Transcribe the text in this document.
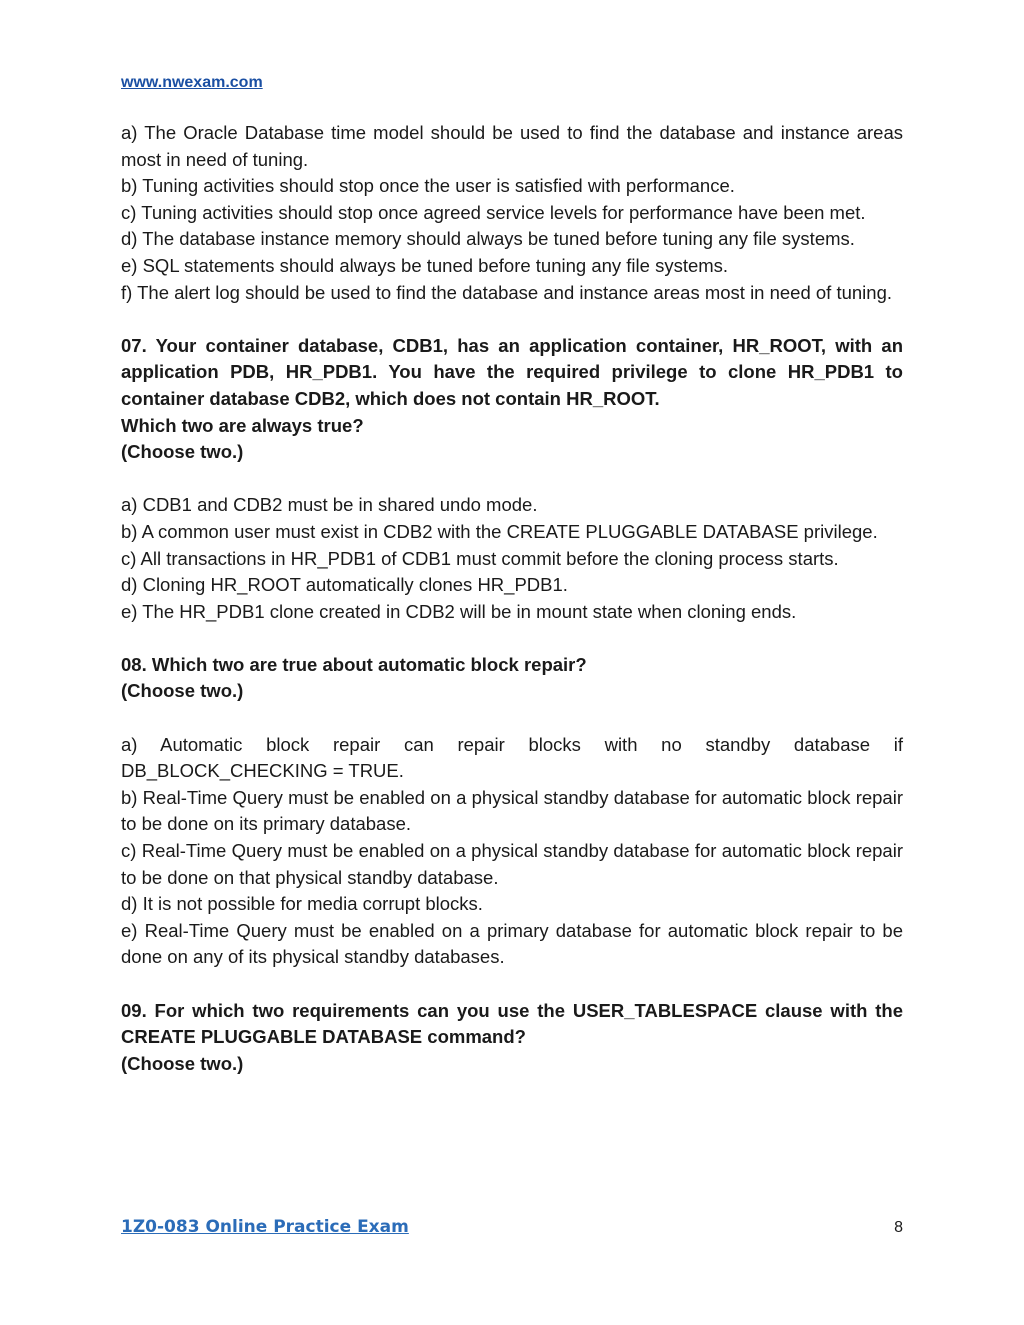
www.nwexam.com

a) The Oracle Database time model should be used to find the database and instance areas most in need of tuning.

b) Tuning activities should stop once the user is satisfied with performance.

c) Tuning activities should stop once agreed service levels for performance have been met.

d) The database instance memory should always be tuned before tuning any file systems.

e) SQL statements should always be tuned before tuning any file systems.

f) The alert log should be used to find the database and instance areas most in need of tuning.

07. Your container database, CDB1, has an application container, HR_ROOT, with an application PDB, HR_PDB1. You have the required privilege to clone HR_PDB1 to container database CDB2, which does not contain HR_ROOT.

Which two are always true?

(Choose two.)

a) CDB1 and CDB2 must be in shared undo mode.

b) A common user must exist in CDB2 with the CREATE PLUGGABLE DATABASE privilege.

c) All transactions in HR_PDB1 of CDB1 must commit before the cloning process starts.

d) Cloning HR_ROOT automatically clones HR_PDB1.

e) The HR_PDB1 clone created in CDB2 will be in mount state when cloning ends.

08. Which two are true about automatic block repair?

(Choose two.)

a) Automatic block repair can repair blocks with no standby database if DB_BLOCK_CHECKING = TRUE.

b) Real-Time Query must be enabled on a physical standby database for automatic block repair to be done on its primary database.

c) Real-Time Query must be enabled on a physical standby database for automatic block repair to be done on that physical standby database.

d) It is not possible for media corrupt blocks.

e) Real-Time Query must be enabled on a primary database for automatic block repair to be done on any of its physical standby databases.

09. For which two requirements can you use the USER_TABLESPACE clause with the CREATE PLUGGABLE DATABASE command?

(Choose two.)

1Z0-083 Online Practice Exam	8
